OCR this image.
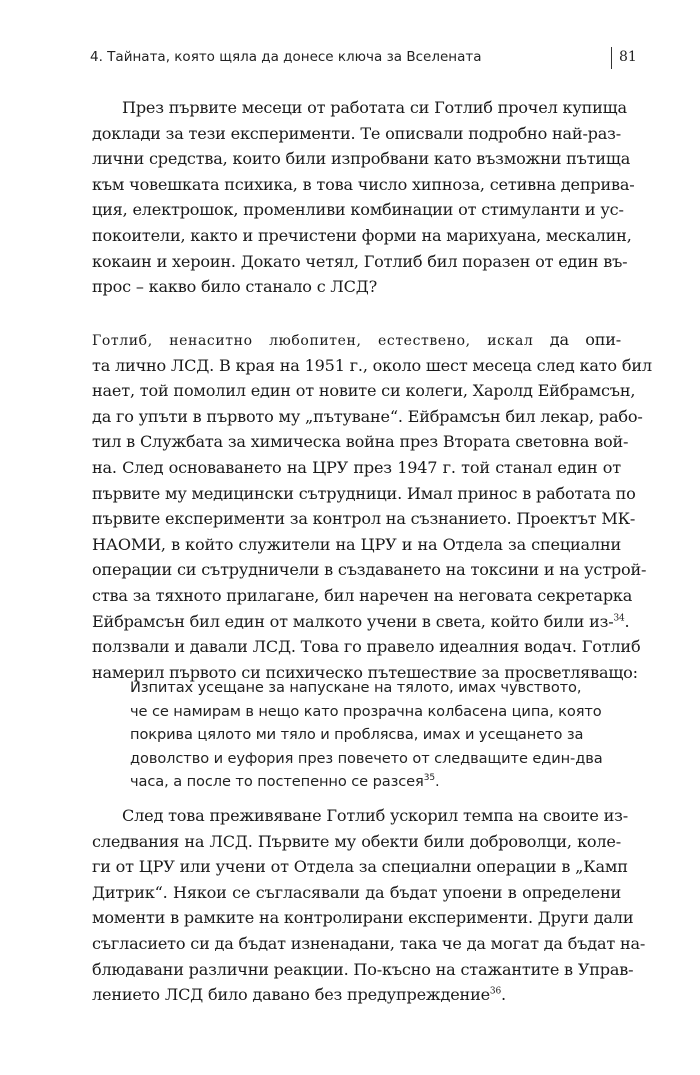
4. Тайната, която щяла да донесе ключа за Вселената	81
През първите месеци от работата си Готлиб прочел купища
доклади за тези експерименти. Те описвали подробно най-раз-
лични средства, които били изпробвани като възможни пътища
към човешката психика, в това число хипноза, сетивна деприва-
ция, електрошок, променливи комбинации от стимуланти и ус-
покоители, както и пречистени форми на марихуана, мескалин,
кокаин и хероин. Докато четял, Готлиб бил поразен от един въ-
прос – какво било станало с ЛСД?
Готлиб, ненаситно любопитен, естествено, искал да опи-
та лично ЛСД. В края на 1951 г., около шест месеца след като бил
нает, той помолил един от новите си колеги, Харолд Ейбрамсън,
да го упъти в първото му „пътуване“. Ейбрамсън бил лекар, рабо-
тил в Службата за химическа война през Втората световна вой-
на. След основаването на ЦРУ през 1947 г. той станал един от
първите му медицински сътрудници. Имал принос в работата по
първите експерименти за контрол на съзнанието. Проектът МК-
НАОМИ, в който служители на ЦРУ и на Отдела за специални
операции си сътрудничели в създаването на токсини и на устрой-
ства за тяхното прилагане, бил наречен на неговата секретарка
Ейбрамсън бил един от малкото учени в света, който били из-$^{34}$.
ползвали и давали ЛСД. Това го правело идеалния водач. Готлиб
намерил първото си психическо пътешествие за просветляващо:
Изпитах усещане за напускане на тялото, имах чувството,
че се намирам в нещо като прозрачна колбасена ципа, която
покрива цялото ми тяло и проблясва, имах и усещането за
доволство и еуфория през повечето от следващите един-два
часа, а после то постепенно се разсея$^{35}$.
След това преживяване Готлиб ускорил темпа на своите из-
следвания на ЛСД. Първите му обекти били доброволци, коле-
ги от ЦРУ или учени от Отдела за специални операции в „Камп
Дитрик“. Някои се съгласявали да бъдат упоени в определени
моменти в рамките на контролирани експерименти. Други дали
съгласието си да бъдат изненадани, така че да могат да бъдат на-
блюдавани различни реакции. По-късно на стажантите в Управ-
лението ЛСД било давано без предупреждение$^{36}$.
